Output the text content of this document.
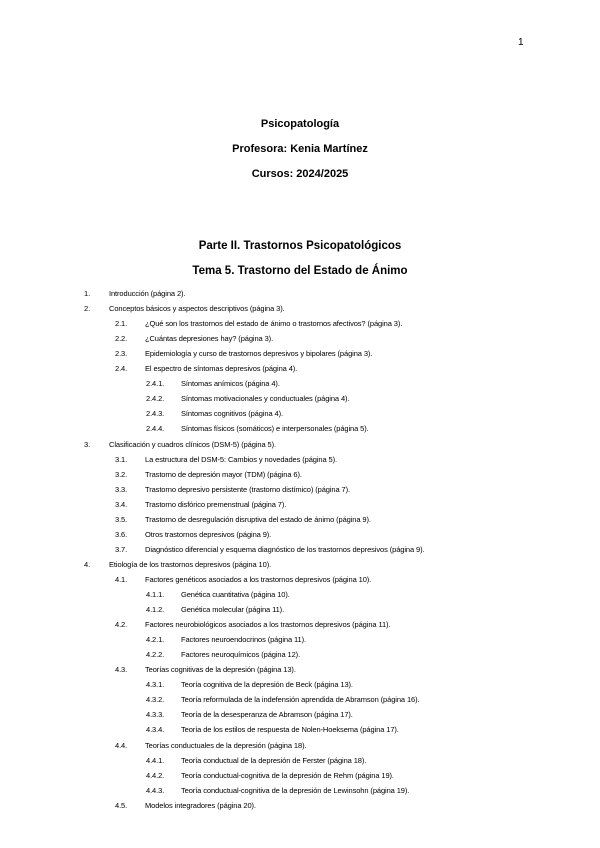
1
Psicopatología
Profesora: Kenia Martínez
Cursos: 2024/2025
Parte II. Trastornos Psicopatológicos
Tema 5. Trastorno del Estado de Ánimo
1.	Introducción (página 2).
2.	Conceptos básicos y aspectos descriptivos (página 3).
2.1. ¿Qué son los trastornos del estado de ánimo o trastornos afectivos? (página 3).
2.2. ¿Cuántas depresiones hay? (página 3).
2.3. Epidemiología y curso de trastornos depresivos y bipolares (página 3).
2.4. El espectro de síntomas depresivos (página 4).
2.4.1. Síntomas anímicos (página 4).
2.4.2. Síntomas motivacionales y conductuales (página 4).
2.4.3. Síntomas cognitivos (página 4).
2.4.4. Síntomas físicos (somáticos) e interpersonales (página 5).
3.	Clasificación y cuadros clínicos (DSM-5) (página 5).
3.1. La estructura del DSM-5: Cambios y novedades (página 5).
3.2. Trastorno de depresión mayor (TDM) (página 6).
3.3. Trastorno depresivo persistente (trastorno distímico) (página 7).
3.4. Trastorno disfórico premenstrual (página 7).
3.5. Trastorno de desregulación disruptiva del estado de ánimo (página 9).
3.6. Otros trastornos depresivos (página 9).
3.7. Diagnóstico diferencial y esquema diagnóstico de los trastornos depresivos (página 9).
4.	Etiología de los trastornos depresivos (página 10).
4.1. Factores genéticos asociados a los trastornos depresivos (página 10).
4.1.1. Genética cuantitativa (página 10).
4.1.2. Genética molecular (página 11).
4.2. Factores neurobiológicos asociados a los trastornos depresivos (página 11).
4.2.1. Factores neuroendocrinos (página 11).
4.2.2. Factores neuroquímicos (página 12).
4.3. Teorías cognitivas de la depresión (página 13).
4.3.1. Teoría cognitiva de la depresión de Beck (página 13).
4.3.2. Teoría reformulada de la indefensión aprendida de Abramson (página 16).
4.3.3. Teoría de la desesperanza de Abramson (página 17).
4.3.4. Teoría de los estilos de respuesta de Nolen-Hoeksema (página 17).
4.4. Teorías conductuales de la depresión (página 18).
4.4.1. Teoría conductual de la depresión de Ferster (página 18).
4.4.2. Teoría conductual-cognitiva de la depresión de Rehm (página 19).
4.4.3. Teoría conductual-cognitiva de la depresión de Lewinsohn (página 19).
4.5. Modelos integradores (página 20).
